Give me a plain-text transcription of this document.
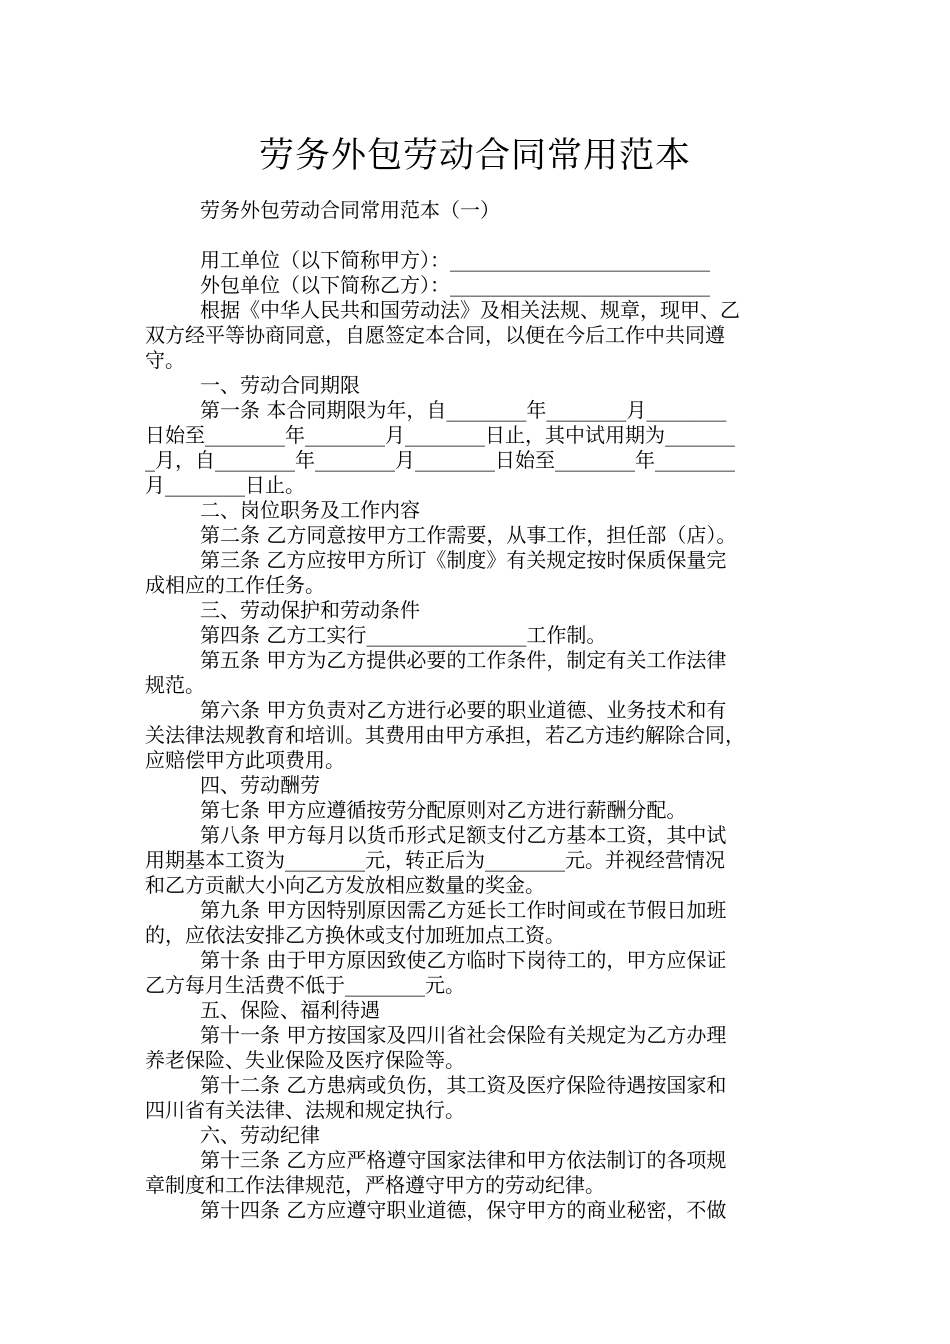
劳务外包劳动合同常用范本
劳务外包劳动合同常用范本（一）
用工单位（以下简称甲方）：__________________________
外包单位（以下简称乙方）：__________________________
根据《中华人民共和国劳动法》及相关法规、规章，现甲、乙
双方经平等协商同意，自愿签定本合同，以便在今后工作中共同遵
守。
一、劳动合同期限
第一条 本合同期限为年，自________年________月________
日始至________年________月________日止，其中试用期为_______
_月，自________年________月________日始至________年________
月________日止。
二、岗位职务及工作内容
第二条 乙方同意按甲方工作需要，从事工作，担任部（店）。
第三条 乙方应按甲方所订《制度》有关规定按时保质保量完
成相应的工作任务。
三、劳动保护和劳动条件
第四条 乙方工实行________________工作制。
第五条 甲方为乙方提供必要的工作条件，制定有关工作法律
规范。
第六条 甲方负责对乙方进行必要的职业道德、业务技术和有
关法律法规教育和培训。其费用由甲方承担，若乙方违约解除合同，
应赔偿甲方此项费用。
四、劳动酬劳
第七条 甲方应遵循按劳分配原则对乙方进行薪酬分配。
第八条 甲方每月以货币形式足额支付乙方基本工资，其中试
用期基本工资为________元，转正后为________元。并视经营情况
和乙方贡献大小向乙方发放相应数量的奖金。
第九条 甲方因特别原因需乙方延长工作时间或在节假日加班
的，应依法安排乙方换休或支付加班加点工资。
第十条 由于甲方原因致使乙方临时下岗待工的，甲方应保证
乙方每月生活费不低于________元。
五、保险、福利待遇
第十一条 甲方按国家及四川省社会保险有关规定为乙方办理
养老保险、失业保险及医疗保险等。
第十二条 乙方患病或负伤，其工资及医疗保险待遇按国家和
四川省有关法律、法规和规定执行。
六、劳动纪律
第十三条 乙方应严格遵守国家法律和甲方依法制订的各项规
章制度和工作法律规范，严格遵守甲方的劳动纪律。
第十四条 乙方应遵守职业道德，保守甲方的商业秘密，不做
